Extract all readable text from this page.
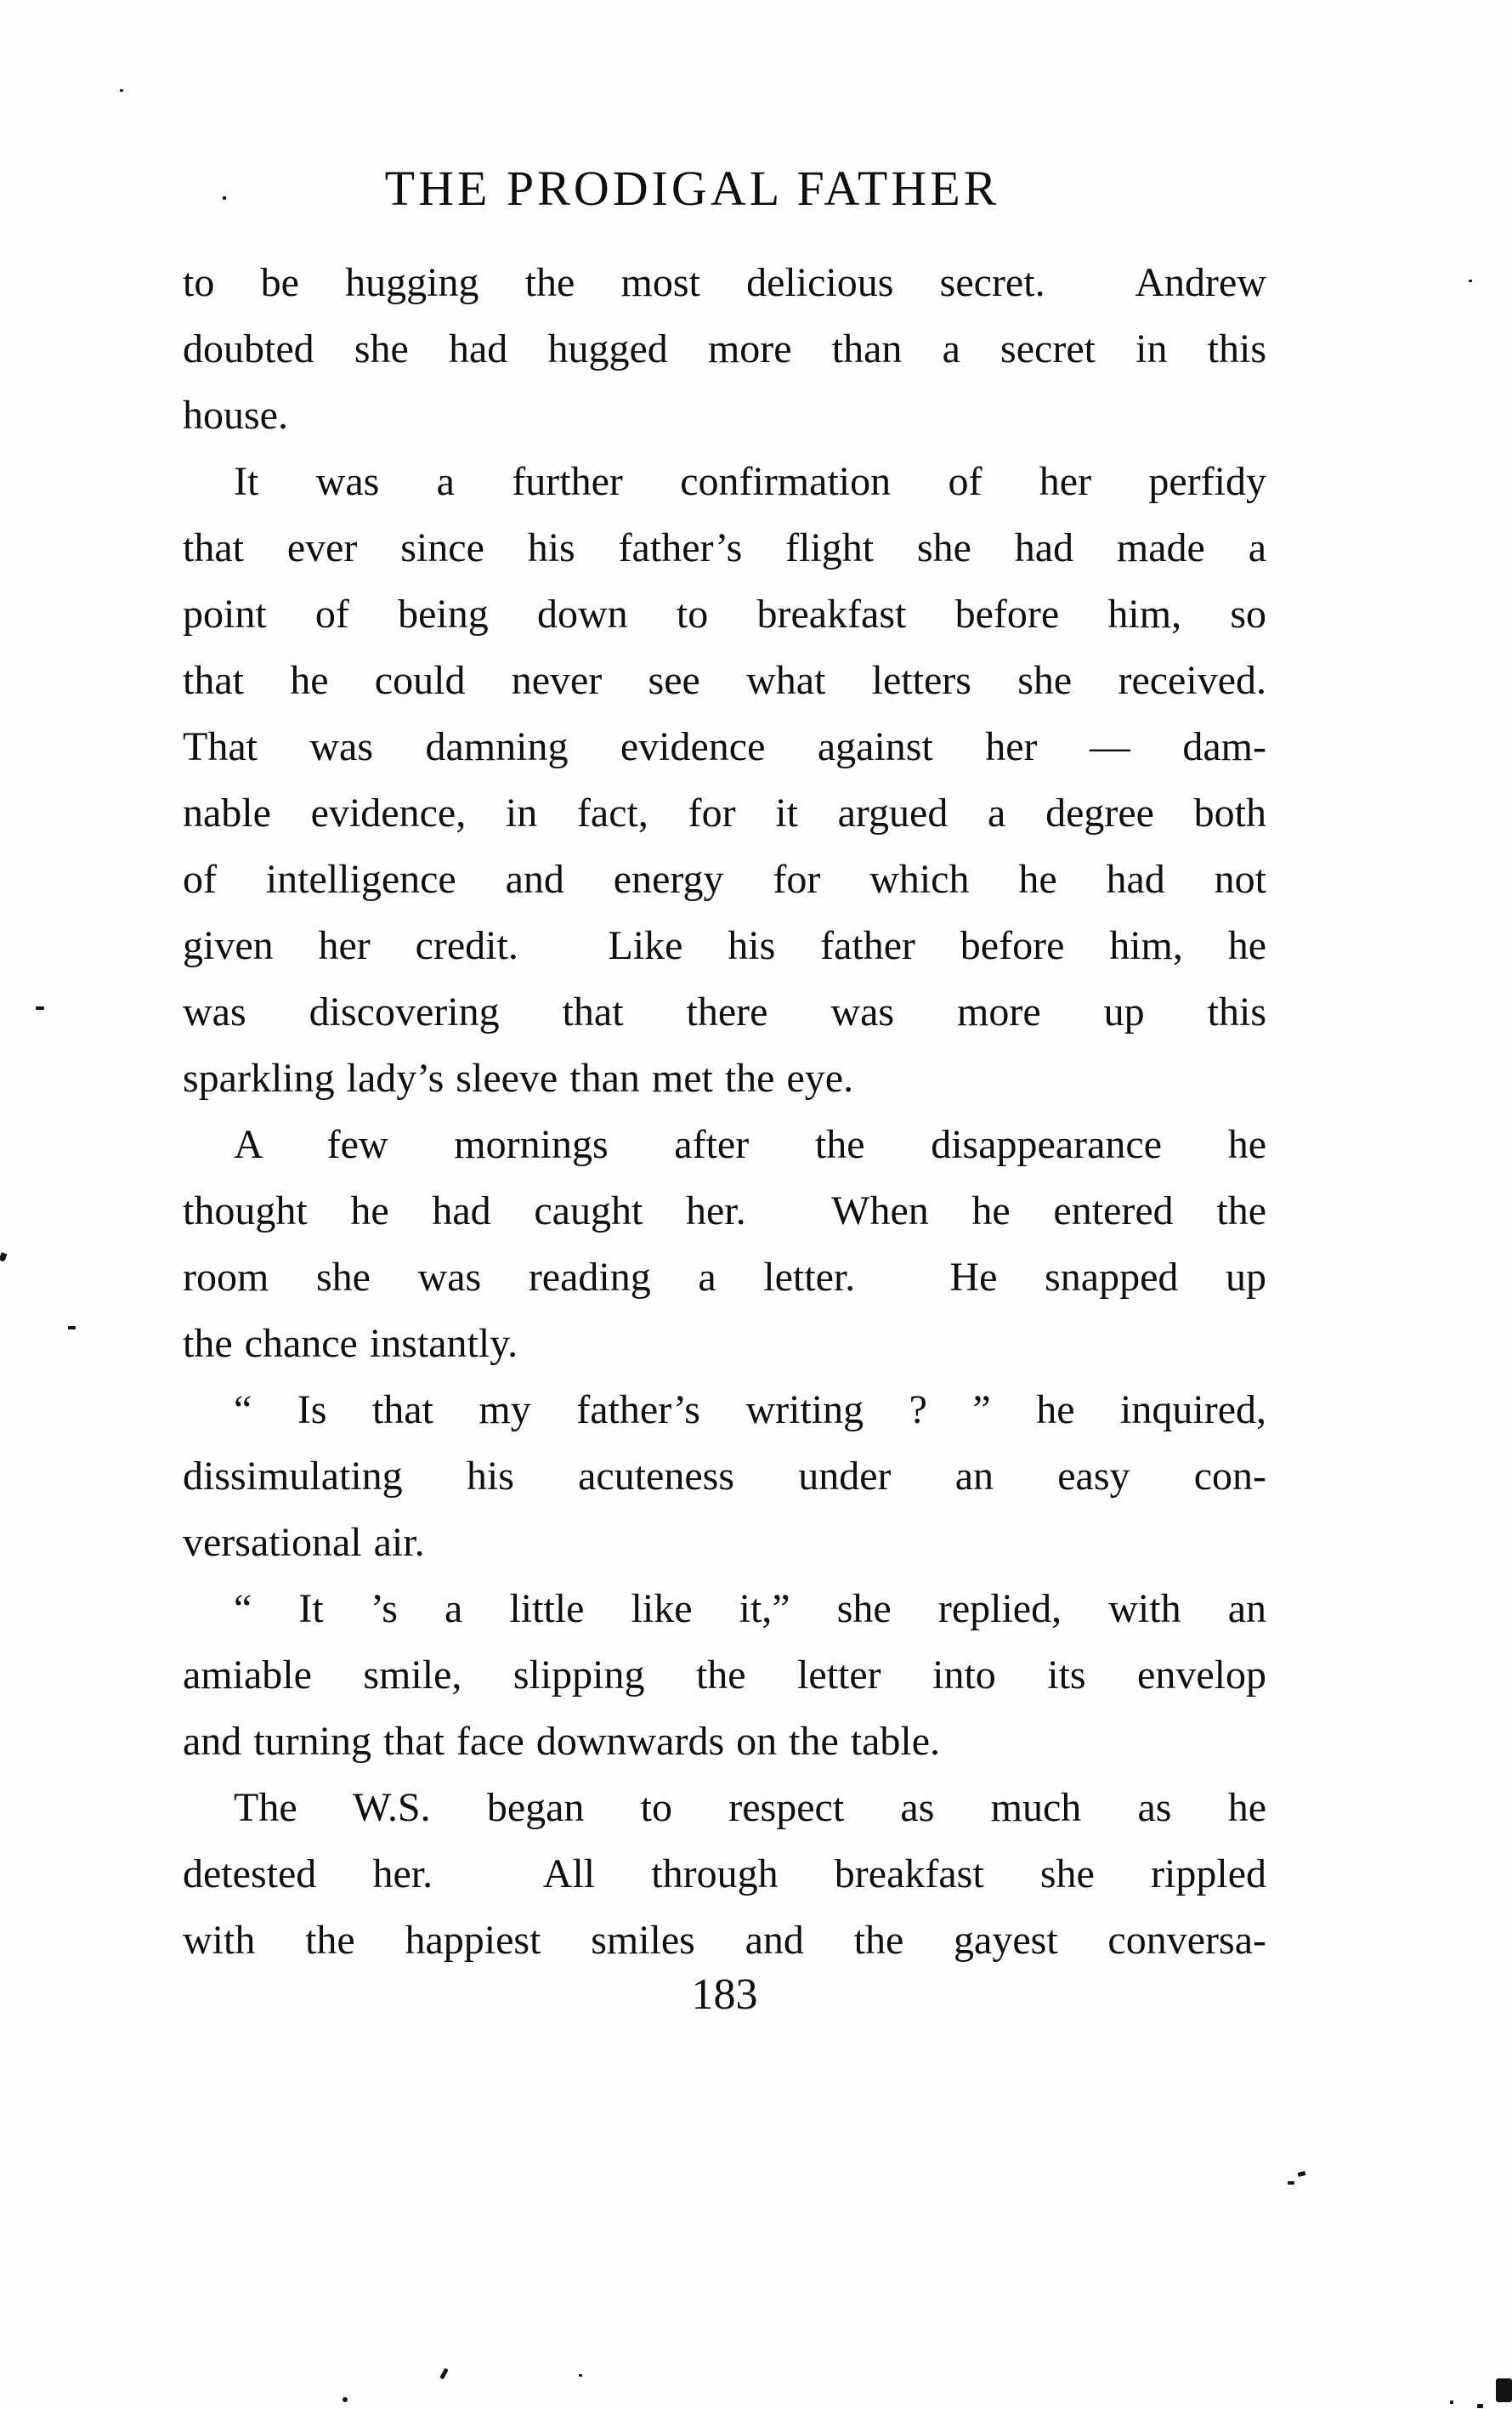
THE PRODIGAL FATHER

to be hugging the most delicious secret.  Andrew
doubted she had hugged more than a secret in this
house.

It was a further confirmation of her perfidy
that ever since his father’s flight she had made a
point of being down to breakfast before him, so
that he could never see what letters she received.
That was damning evidence against her — dam-
nable evidence, in fact, for it argued a degree both
of intelligence and energy for which he had not
given her credit.  Like his father before him, he
was discovering that there was more up this
sparkling lady’s sleeve than met the eye.

A few mornings after the disappearance he
thought he had caught her.  When he entered the
room she was reading a letter.  He snapped up
the chance instantly.

“ Is that my father’s writing ? ” he inquired,
dissimulating his acuteness under an easy con-
versational air.

“ It ’s a little like it,” she replied, with an
amiable smile, slipping the letter into its envelop
and turning that face downwards on the table.

The W.S. began to respect as much as he
detested her.  All through breakfast she rippled
with the happiest smiles and the gayest conversa-

183
